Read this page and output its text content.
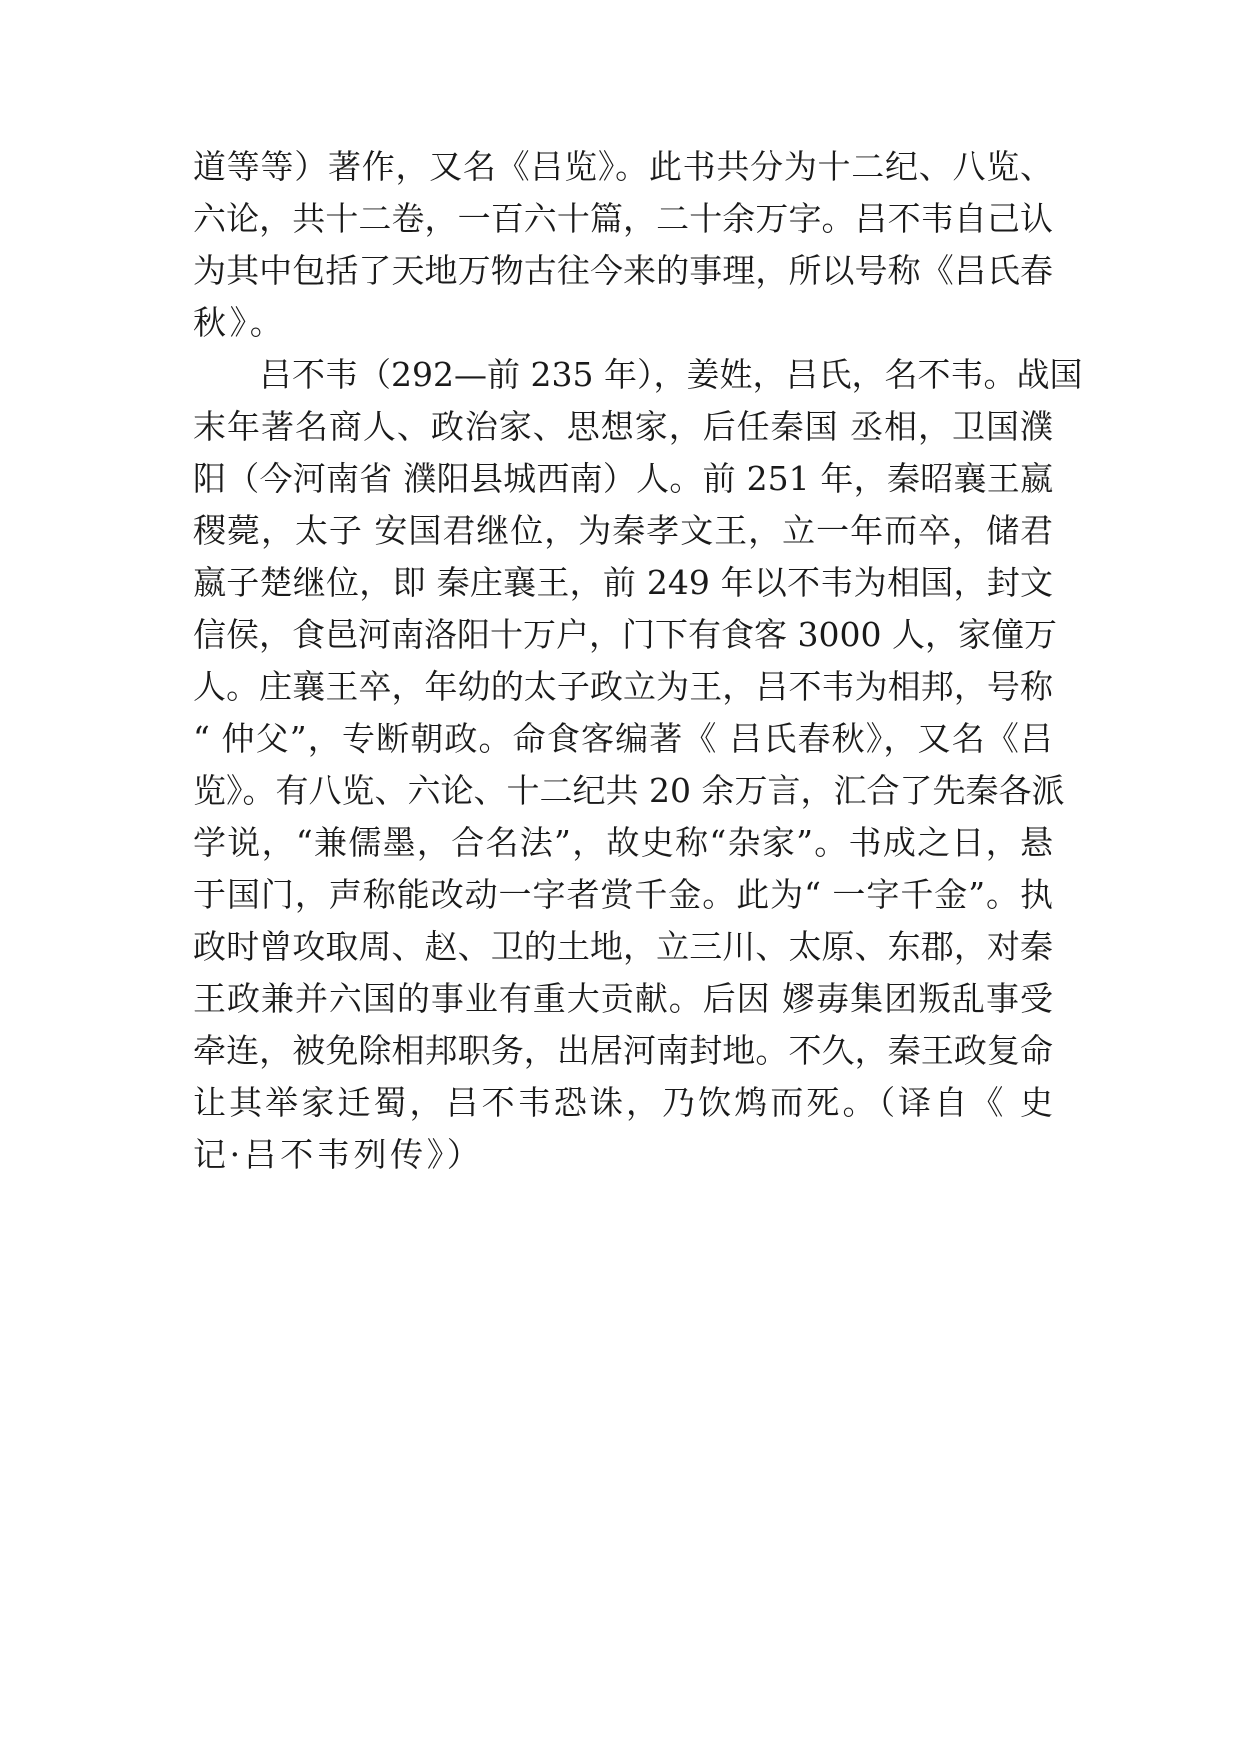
道等等）著作，又名《吕览》。此书共分为十二纪、八览、
六论，共十二卷，一百六十篇，二十余万字。吕不韦自己认
为其中包括了天地万物古往今来的事理，所以号称《吕氏春
秋》。
　　吕不韦（292—前 235 年），姜姓，吕氏，名不韦。战国
末年著名商人、政治家、思想家，后任秦国 丞相，卫国濮
阳（今河南省 濮阳县城西南）人。前 251 年，秦昭襄王嬴
稷薨，太子 安国君继位，为秦孝文王，立一年而卒，储君
嬴子楚继位，即 秦庄襄王，前 249 年以不韦为相国，封文
信侯，食邑河南洛阳十万户，门下有食客 3000 人，家僮万
人。庄襄王卒，年幼的太子政立为王，吕不韦为相邦，号称
“ 仲父”，专断朝政。命食客编著《 吕氏春秋》，又名《吕
览》。有八览、六论、十二纪共 20 余万言，汇合了先秦各派
学说，“兼儒墨，合名法”，故史称“杂家”。书成之日，悬
于国门，声称能改动一字者赏千金。此为“ 一字千金”。执
政时曾攻取周、赵、卫的土地，立三川、太原、东郡，对秦
王政兼并六国的事业有重大贡献。后因 嫪毐集团叛乱事受
牵连，被免除相邦职务，出居河南封地。不久，秦王政复命
让其举家迁蜀，吕不韦恐诛，乃饮鸩而死。（译自《 史
记·吕不韦列传》）
